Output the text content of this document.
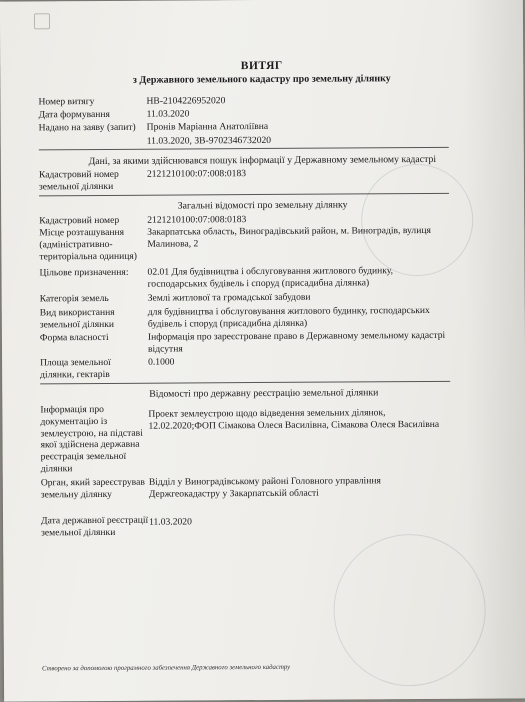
ВИТЯГ
з Державного земельного кадастру про земельну ділянку
Номер витягу	НВ-2104226952020
Дата формування	11.03.2020
Надано на заяву (запит)	Пронів Маріанна Анатоліївна
11.03.2020, ЗВ-9702346732020
Дані, за якими здійснювався пошук інформації у Державному земельному кадастрі
Кадастровий номер земельної ділянки
2121210100:07:008:0183
Загальні відомості про земельну ділянку
Кадастровий номер	2121210100:07:008:0183
Місце розташування (адміністративно-територіальна одиниця)
Закарпатська область, Виноградівський район, м. Виноградів, вулиця Малинова, 2
Цільове призначення:	02.01 Для будівництва і обслуговування житлового будинку, господарських будівель і споруд (присадибна ділянка)
Категорія земель	Землі житлової та громадської забудови
Вид використання земельної ділянки
для будівництва і обслуговування житлового будинку, господарських будівель і споруд (присадибна ділянка)
Форма власності	Інформація про зареєстроване право в Державному земельному кадастрі відсутня
Площа земельної ділянки, гектарів
0.1000
Відомості про державну реєстрацію земельної ділянки
Інформація про документацію із землеустрою, на підставі якої здійснена державна реєстрація земельної ділянки
Проект землеустрою щодо відведення земельних ділянок, 12.02.2020;ФОП Сімакова Олеся Василівна, Сімакова Олеся Василівна
Орган, який зареєстрував земельну ділянку
Відділ у Виноградівському районі Головного управління Держгеокадастру у Закарпатській області
Дата державної реєстрації земельної ділянки
11.03.2020
Створено за допомогою програмного забезпечення Державного земельного кадастру
